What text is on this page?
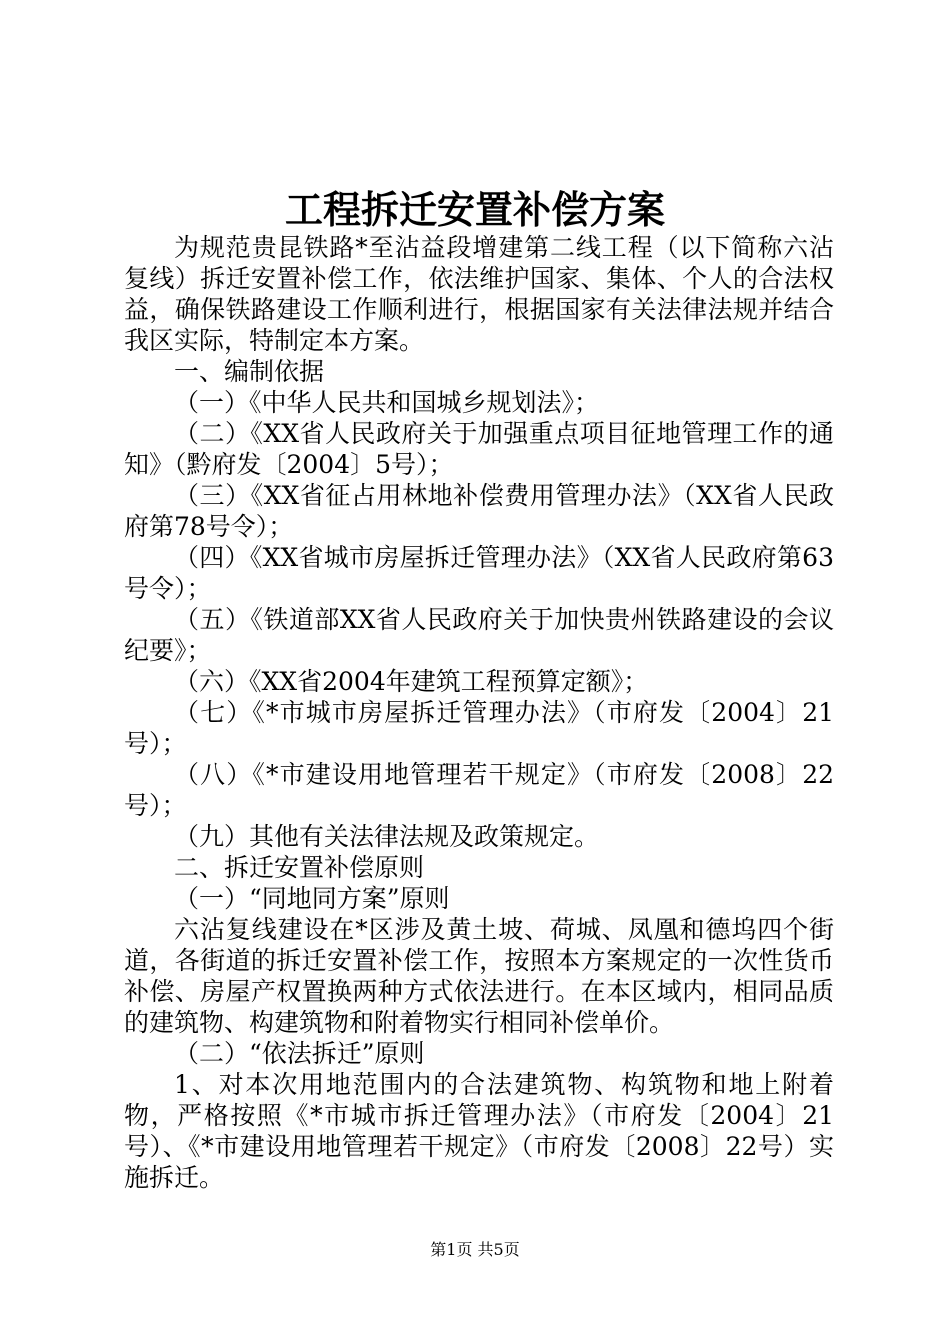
工程拆迁安置补偿方案

为规范贵昆铁路*至沾益段增建第二线工程（以下简称六沾复线）拆迁安置补偿工作，依法维护国家、集体、个人的合法权益，确保铁路建设工作顺利进行，根据国家有关法律法规并结合我区实际，特制定本方案。

一、编制依据

（一）《中华人民共和国城乡规划法》；

（二）《XX省人民政府关于加强重点项目征地管理工作的通知》（黔府发〔2004〕5号）；

（三）《XX省征占用林地补偿费用管理办法》（XX省人民政府第78号令）；

（四）《XX省城市房屋拆迁管理办法》（XX省人民政府第63号令）；

（五）《铁道部XX省人民政府关于加快贵州铁路建设的会议纪要》；

（六）《XX省2004年建筑工程预算定额》；

（七）《*市城市房屋拆迁管理办法》（市府发〔2004〕21号）；

（八）《*市建设用地管理若干规定》（市府发〔2008〕22号）；

（九）其他有关法律法规及政策规定。

二、拆迁安置补偿原则

（一）“同地同方案”原则

六沾复线建设在*区涉及黄土坡、荷城、凤凰和德坞四个街道，各街道的拆迁安置补偿工作，按照本方案规定的一次性货币补偿、房屋产权置换两种方式依法进行。在本区域内，相同品质的建筑物、构建筑物和附着物实行相同补偿单价。

（二）“依法拆迁”原则

1、对本次用地范围内的合法建筑物、构筑物和地上附着物，严格按照《*市城市拆迁管理办法》（市府发〔2004〕21号）、《*市建设用地管理若干规定》（市府发〔2008〕22号）实施拆迁。

第1页 共5页
